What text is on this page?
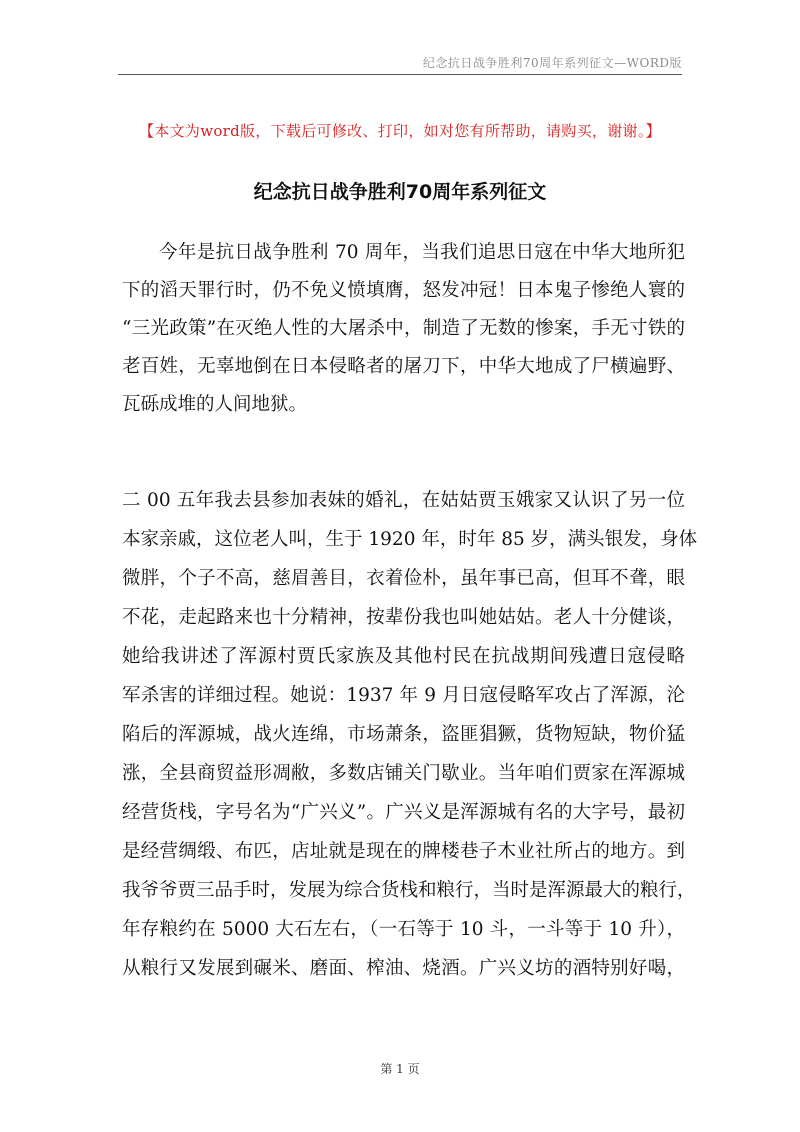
纪念抗日战争胜利70周年系列征文—WORD版
【本文为word版，下载后可修改、打印，如对您有所帮助，请购买，谢谢。】
纪念抗日战争胜利70周年系列征文
今年是抗日战争胜利 70 周年，当我们追思日寇在中华大地所犯
下的滔天罪行时，仍不免义愤填膺，怒发冲冠！日本鬼子惨绝人寰的
“三光政策”在灭绝人性的大屠杀中，制造了无数的惨案，手无寸铁的
老百姓，无辜地倒在日本侵略者的屠刀下，中华大地成了尸横遍野、
瓦砾成堆的人间地狱。
二 00 五年我去县参加表妹的婚礼，在姑姑贾玉娥家又认识了另一位
本家亲戚，这位老人叫，生于 1920 年，时年 85 岁，满头银发，身体
微胖，个子不高，慈眉善目，衣着俭朴，虽年事已高，但耳不聋，眼
不花，走起路来也十分精神，按辈份我也叫她姑姑。老人十分健谈，
她给我讲述了浑源村贾氏家族及其他村民在抗战期间残遭日寇侵略
军杀害的详细过程。她说：1937 年 9 月日寇侵略军攻占了浑源，沦
陷后的浑源城，战火连绵，市场萧条，盗匪猖獗，货物短缺，物价猛
涨，全县商贸益形凋敝，多数店铺关门歇业。当年咱们贾家在浑源城
经营货栈，字号名为“广兴义”。广兴义是浑源城有名的大字号，最初
是经营绸缎、布匹，店址就是现在的牌楼巷子木业社所占的地方。到
我爷爷贾三品手时，发展为综合货栈和粮行，当时是浑源最大的粮行，
年存粮约在 5000 大石左右，（一石等于 10 斗，一斗等于 10 升），
从粮行又发展到碾米、磨面、榨油、烧酒。广兴义坊的酒特别好喝，
第 1 页
